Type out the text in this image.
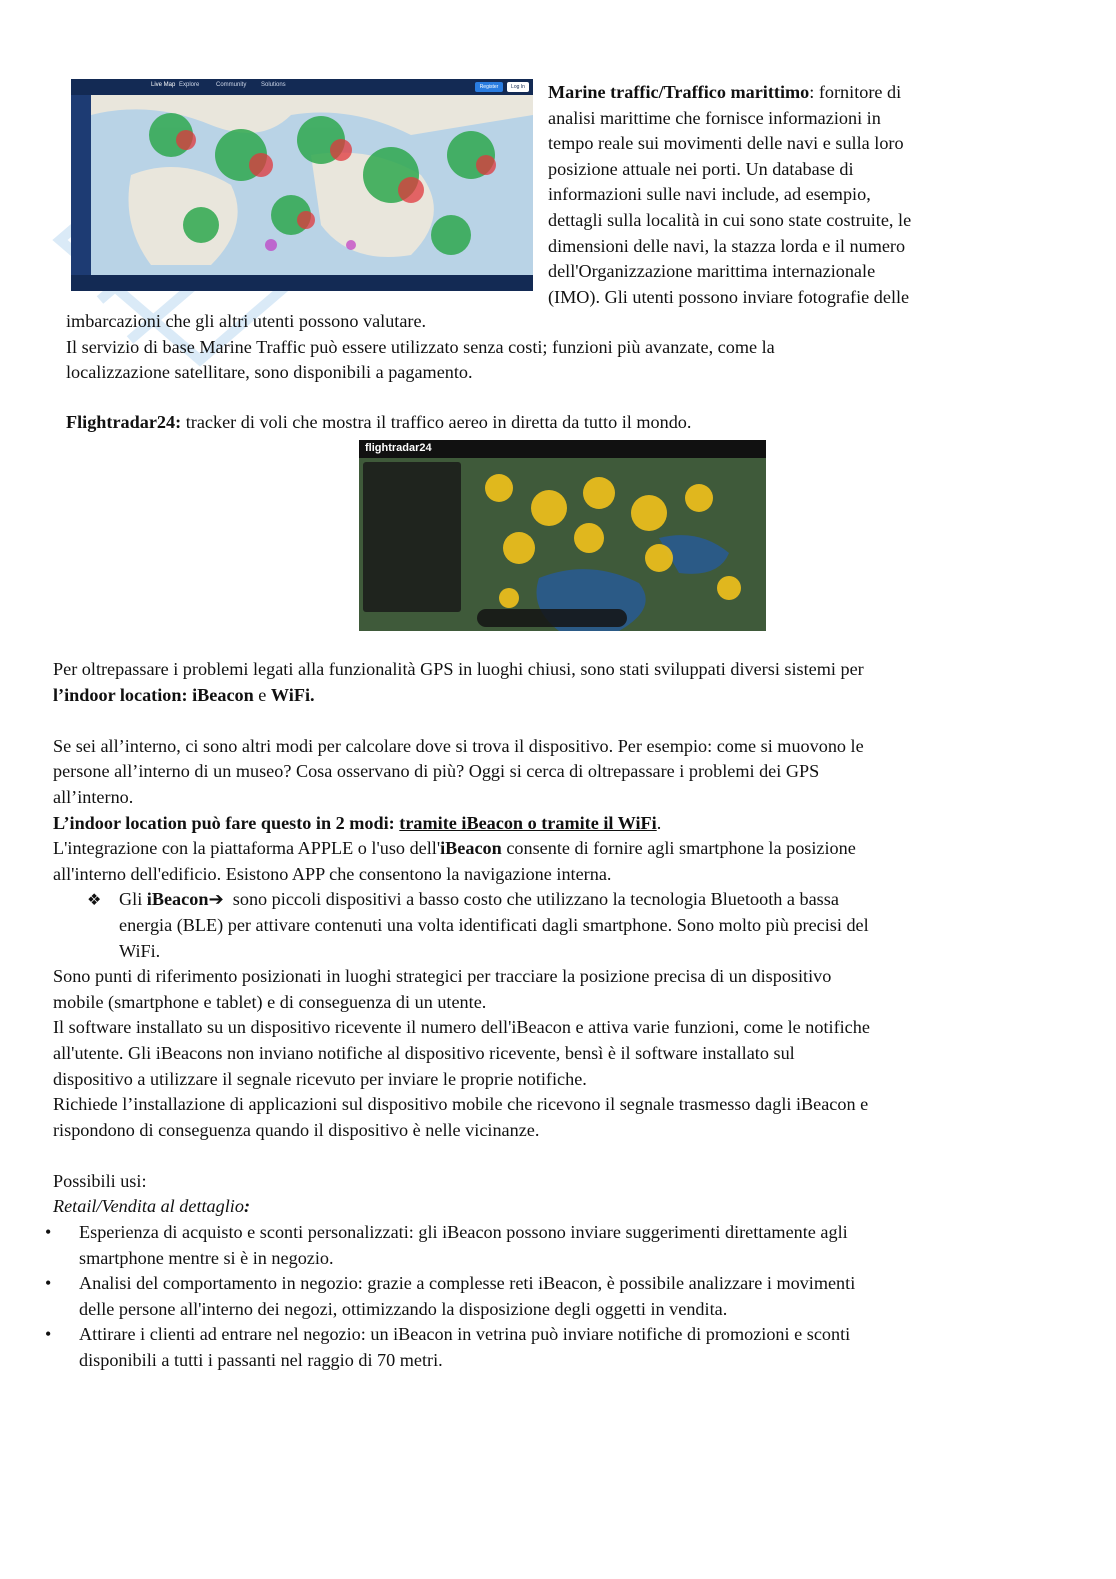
Live Map Explore	Community Solutions	Register	Log In Marine traffic/Traffico marittimo: fornitore di
analisi marittime che fornisce informazioni in
tempo reale sui movimenti delle navi e sulla loro
posizione attuale nei porti. Un database di
informazioni sulle navi include, ad esempio,
dettagli sulla località in cui sono state costruite, le
dimensioni delle navi, la stazza lorda e il numero
dell'Organizzazione marittima internazionale
(IMO). Gli utenti possono inviare fotografie delle
imbarcazioni che gli altri utenti possono valutare.
Il servizio di base Marine Traffic può essere utilizzato senza costi; funzioni più avanzate, come la
localizzazione satellitare, sono disponibili a pagamento.
Flightradar24: tracker di voli che mostra il traffico aereo in diretta da tutto il mondo.
flightradar24
Per oltrepassare i problemi legati alla funzionalità GPS in luoghi chiusi, sono stati sviluppati diversi sistemi per
l’indoor location: iBeacon e WiFi.
Se sei all’interno, ci sono altri modi per calcolare dove si trova il dispositivo. Per esempio: come si muovono le
persone all’interno di un museo? Cosa osservano di più? Oggi si cerca di oltrepassare i problemi dei GPS
all’interno.
L’indoor location può fare questo in 2 modi: tramite iBeacon o tramite il WiFi.
L'integrazione con la piattaforma APPLE o l'uso dell'iBeacon consente di fornire agli smartphone la posizione
all'interno dell'edificio. Esistono APP che consentono la navigazione interna.
❖ Gli iBeacon➔  sono piccoli dispositivi a basso costo che utilizzano la tecnologia Bluetooth a bassa
energia (BLE) per attivare contenuti una volta identificati dagli smartphone. Sono molto più precisi del
WiFi.
Sono punti di riferimento posizionati in luoghi strategici per tracciare la posizione precisa di un dispositivo
mobile (smartphone e tablet) e di conseguenza di un utente.
Il software installato su un dispositivo ricevente il numero dell'iBeacon e attiva varie funzioni, come le notifiche
all'utente. Gli iBeacons non inviano notifiche al dispositivo ricevente, bensì è il software installato sul
dispositivo a utilizzare il segnale ricevuto per inviare le proprie notifiche.
Richiede l’installazione di applicazioni sul dispositivo mobile che ricevono il segnale trasmesso dagli iBeacon e
rispondono di conseguenza quando il dispositivo è nelle vicinanze.
Possibili usi:
Retail/Vendita al dettaglio:
• Esperienza di acquisto e sconti personalizzati: gli iBeacon possono inviare suggerimenti direttamente agli
smartphone mentre si è in negozio.
• Analisi del comportamento in negozio: grazie a complesse reti iBeacon, è possibile analizzare i movimenti
delle persone all'interno dei negozi, ottimizzando la disposizione degli oggetti in vendita.
• Attirare i clienti ad entrare nel negozio: un iBeacon in vetrina può inviare notifiche di promozioni e sconti
disponibili a tutti i passanti nel raggio di 70 metri.
